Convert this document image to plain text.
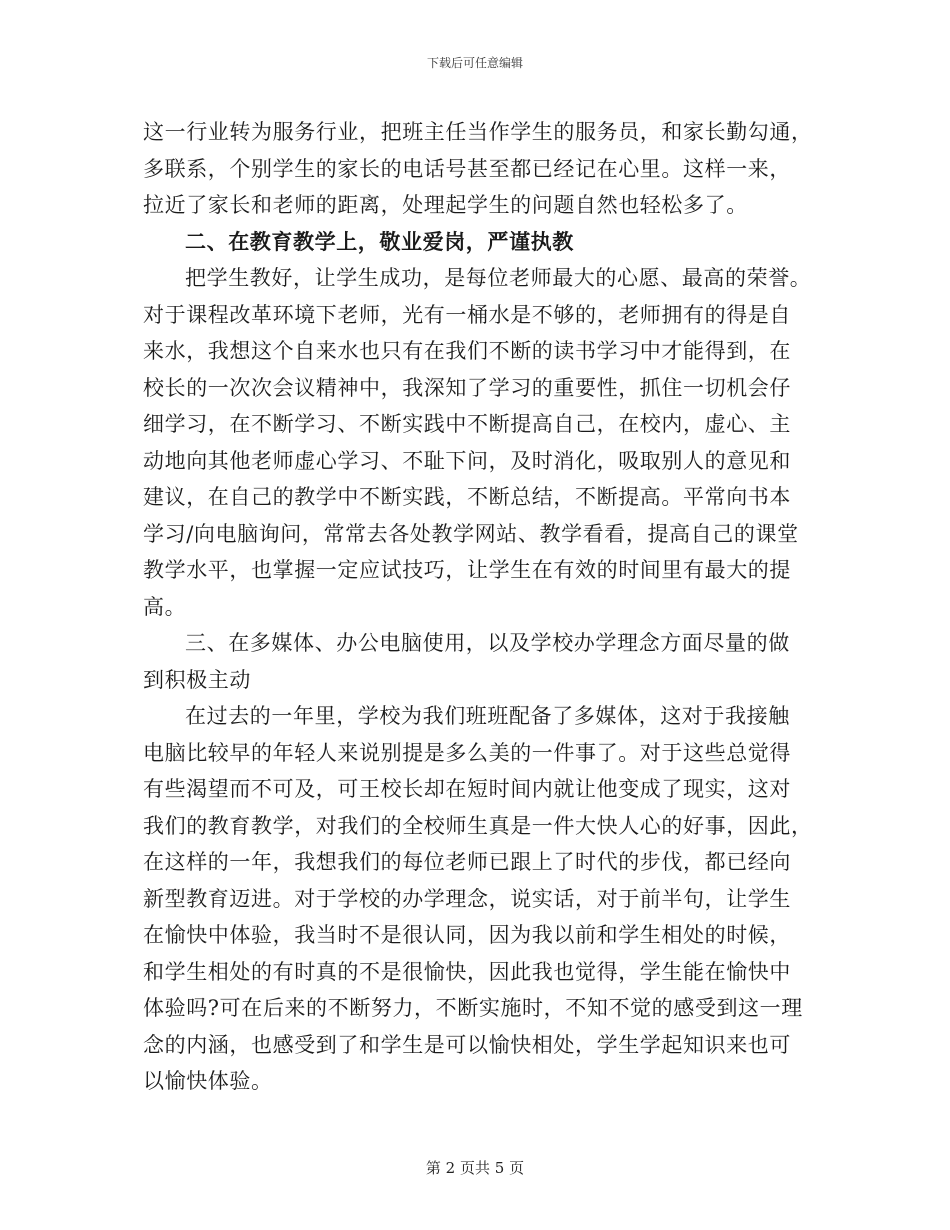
下载后可任意编辑
这一行业转为服务行业，把班主任当作学生的服务员，和家长勤勾通，
多联系，个别学生的家长的电话号甚至都已经记在心里。这样一来，
拉近了家长和老师的距离，处理起学生的问题自然也轻松多了。
二、在教育教学上，敬业爱岗，严谨执教
把学生教好，让学生成功，是每位老师最大的心愿、最高的荣誉。
对于课程改革环境下老师，光有一桶水是不够的，老师拥有的得是自
来水，我想这个自来水也只有在我们不断的读书学习中才能得到，在
校长的一次次会议精神中，我深知了学习的重要性，抓住一切机会仔
细学习，在不断学习、不断实践中不断提高自己，在校内，虚心、主
动地向其他老师虚心学习、不耻下问，及时消化，吸取别人的意见和
建议，在自己的教学中不断实践，不断总结，不断提高。平常向书本
学习/向电脑询问，常常去各处教学网站、教学看看，提高自己的课堂
教学水平，也掌握一定应试技巧，让学生在有效的时间里有最大的提
高。
三、在多媒体、办公电脑使用，以及学校办学理念方面尽量的做
到积极主动
在过去的一年里，学校为我们班班配备了多媒体，这对于我接触
电脑比较早的年轻人来说别提是多么美的一件事了。对于这些总觉得
有些渴望而不可及，可王校长却在短时间内就让他变成了现实，这对
我们的教育教学，对我们的全校师生真是一件大快人心的好事，因此，
在这样的一年，我想我们的每位老师已跟上了时代的步伐，都已经向
新型教育迈进。对于学校的办学理念，说实话，对于前半句，让学生
在愉快中体验，我当时不是很认同，因为我以前和学生相处的时候，
和学生相处的有时真的不是很愉快，因此我也觉得，学生能在愉快中
体验吗?可在后来的不断努力，不断实施时，不知不觉的感受到这一理
念的内涵，也感受到了和学生是可以愉快相处，学生学起知识来也可
以愉快体验。
第 2 页共 5 页
